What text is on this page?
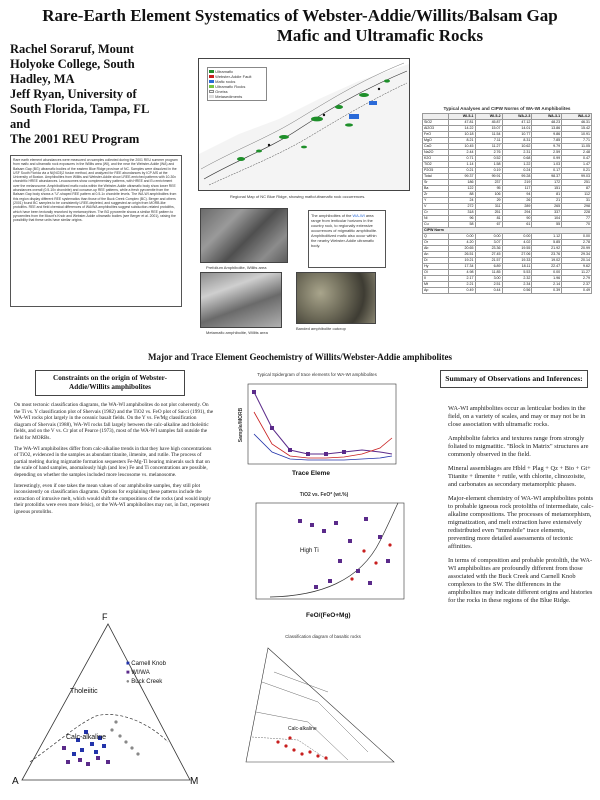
Rare-Earth Element Systematics of Webster-Addie/Willits/Balsam Gap
Mafic and Ultramafic Rocks
Rachel Soraruf, Mount
Holyoke College, South
Hadley, MA
Jeff Ryan, University of
South Florida, Tampa, FL
and
The 2001 REU Program
Rare earth element abundances were measured on samples collected during the 2001 REU summer program from mafic and ultramafic rock exposures in the Willits area (WI), and the near the Webster-Addie (WA) and Balsam Gap (BG) ultramafic bodies of the eastern Blue Ridge province of NC. Samples were dissolved in the USF South Florida via a Ni(NO3)2 fusion method, and analyzed for REE abundances by ICP-MS at the University of Boston. Amphibolites from Willits and Webster-Addie show LREE-enriched patterns with 10-30x chondritic HREE abundances. Leucosomes show complementary patterns, with HREE and Eu enrichment over the melanosome. Amphibolitized mafic rocks within the Webster-Addie ultramafic body show lower REE abundances overall (0.5-10x chondrite) and concave-up REE patterns, while a fresh pyroxenite from the Balsam Gap body shows a "U"-shaped REE pattern at 0.5-1x chondrite levels. The WA-WI amphibolites from this region display different REE systematics than those of the Buck Creek Complex (BC). Berger and others (2001) found BC samples to be consistently LREE-depleted, and suggested an origin from MORB-like protoliths. REE and field chemical differences of WA/WA amphibolites suggest subduction-related protoliths, which have been texturally reworked by metamorphism. The BG pyroxenite shows a similar REE pattern to pyroxenites from the Mount's Knob and Webster-Addie ultramafic bodies (see Berger et al. 2001), raising the possibility that these units have similar origins.
Ultramafic
Webster-Addie Fault
Mafic rocks
Ultramafic Rocks
Gneiss
Metasediments
Regional Map of NC Blue Ridge, showing mafic/ultramafic rock occurrences.
Prefolium Amphibolite, Willits area
Metamafic amphibolite, Willits area
Banded amphibolite outcrop
The amphibolites of the WA-WI area range from lenticular horizons in the country rock, to regionally extensive occurrences of migmatitic amphibolite. Amphibolitized mafic also occur within the nearby Webster-Addie ultramafic body.
Typical Analyses and CIPW Norms of WA-WI Amphibolites
	WI-5-1	WI-5-2	WA-2-3	WA-3-1	WA-4-2
SiO2	47.81	45.87	47.12	48.23	46.31
Al2O3	14.22	15.07	14.01	13.86	15.42
FeO	10.18	11.54	10.77	9.86	10.91
MgO	8.21	7.11	8.31	7.85	7.71
CaO	10.45	11.27	10.62	9.79	11.05
Na2O	2.44	2.76	2.31	2.59	2.48
K2O	0.71	0.52	0.68	0.99	0.47
TiO2	1.14	1.58	1.22	1.03	1.47
P2O5	0.21	0.19	0.24	0.17	0.21
Total	99.37	99.91	99.28	98.37	99.03
Sr	186	237	219	172	251
Ba	122	95	117	151	87
Zr	88	106	94	81	112
Y	24	29	26	21	31
V	272	311	289	265	298
Cr	318	251	294	337	228
Ni	96	81	90	104	77
Cu	58	67	61	55	70
CIPW Norm					
Q	0.00	0.00	0.00	1.12	0.00
Or	4.20	3.07	4.02	5.85	2.78
Ab	20.65	23.36	19.55	21.92	20.99
An	26.51	27.45	27.06	23.76	29.34
Di	19.21	21.57	19.33	19.02	20.14
Hy	17.34	6.89	18.11	22.47	9.62
Ol	4.98	11.85	5.53	0.00	11.27
Il	2.17	3.00	2.32	1.96	2.79
Mt	2.21	2.51	2.34	2.14	2.37
Ap	0.49	0.44	0.56	0.39	0.49
Major and Trace Element Geochemistry of Willits/Webster-Addie amphibolites
Constraints on the origin of Webster-Addie/Willits amphibolites

On most tectonic classification diagrams, the WA-WI amphibolites do not plot coherently. On the Ti vs. Y classification plot of Shervais (1982) and the TiO2 vs. FeO plot of Sacci (1991), the WA-WI rocks plot largely in the oceanic basalt fields. On the Y vs. Fe/Mg classification diagram of Shervais (1988), WA-WI rocks fall largely between the calc-alkaline and tholeiitic fields, and on the V vs. Cr plot of Pearce (1973), most of the WA-WI samples fall outside the field for MORBs.

The WA-WI amphibolites differ from calc-alkaline trends in that they have high concentrations of TiO2, evidenced in the samples as abundant titanite, ilmenite, and rutile. The process of partial melting during migmatite formation sequesters Fe-Mg-Ti bearing minerals such that on the scale of hand samples, anomalously high (and low) Fe and Ti concentrations are possible, depending on whether the samples included more leucosome vs. melanosome.

Interestingly, even if one takes the mean values of our amphibolite samples, they still plot inconsistently on classification diagrams. Options for explaining these patterns include the extraction of intrusive melt, which would shift the compositions of the rocks (and would imply their protoliths were even more felsic), or the WA-WI amphibolites may not, in fact, represent igneous protoliths.

F
A	M
Tholeiitic
Calc-alkaline
■ Carnell Knob
■ WI/WA
● Buck Creek
Typical Spidergram of trace elements for WA-WI amphibolites
Sample/MORB
Trace Eleme
TiO2 vs. FeO* (wt.%)
High Ti
FeO/(FeO+Mg)
Classification diagram of basaltic rocks
Calc-alkaline
Summary of Observations and Inferences:

WA-WI amphibolites occur as lenticular bodies in the field, on a variety of scales, and may or may not be in close association with ultramafic rocks.

Amphibolite fabrics and textures range from strongly foliated to migmatitic. "Block in Matrix" structures are commonly observed in the field.

Mineral assemblages are Hbld + Plag + Qz + Bio + Gt+ Titanite + ilmenite + rutile, with chlorite, clinozoisite, and carbonates as secondary metamorphic phases.

Major-element chemistry of WA-WI amphibolites points to probable igneous rock protoliths of intermediate, calc-alkaline compositions. The processes of metamorphism, migmatization, and melt extraction have extensively redistributed even "immobile" trace elements, preventing more detailed assessments of tectonic affinities.

In terms of composition and probable protolith, the WA-WI amphibolites are profoundly different from those associated with the Buck Creek and Carnell Knob complexes to the SW. The differences in the amphibolites may indicate different origins and histories for the rocks in these regions of the Blue Ridge.
